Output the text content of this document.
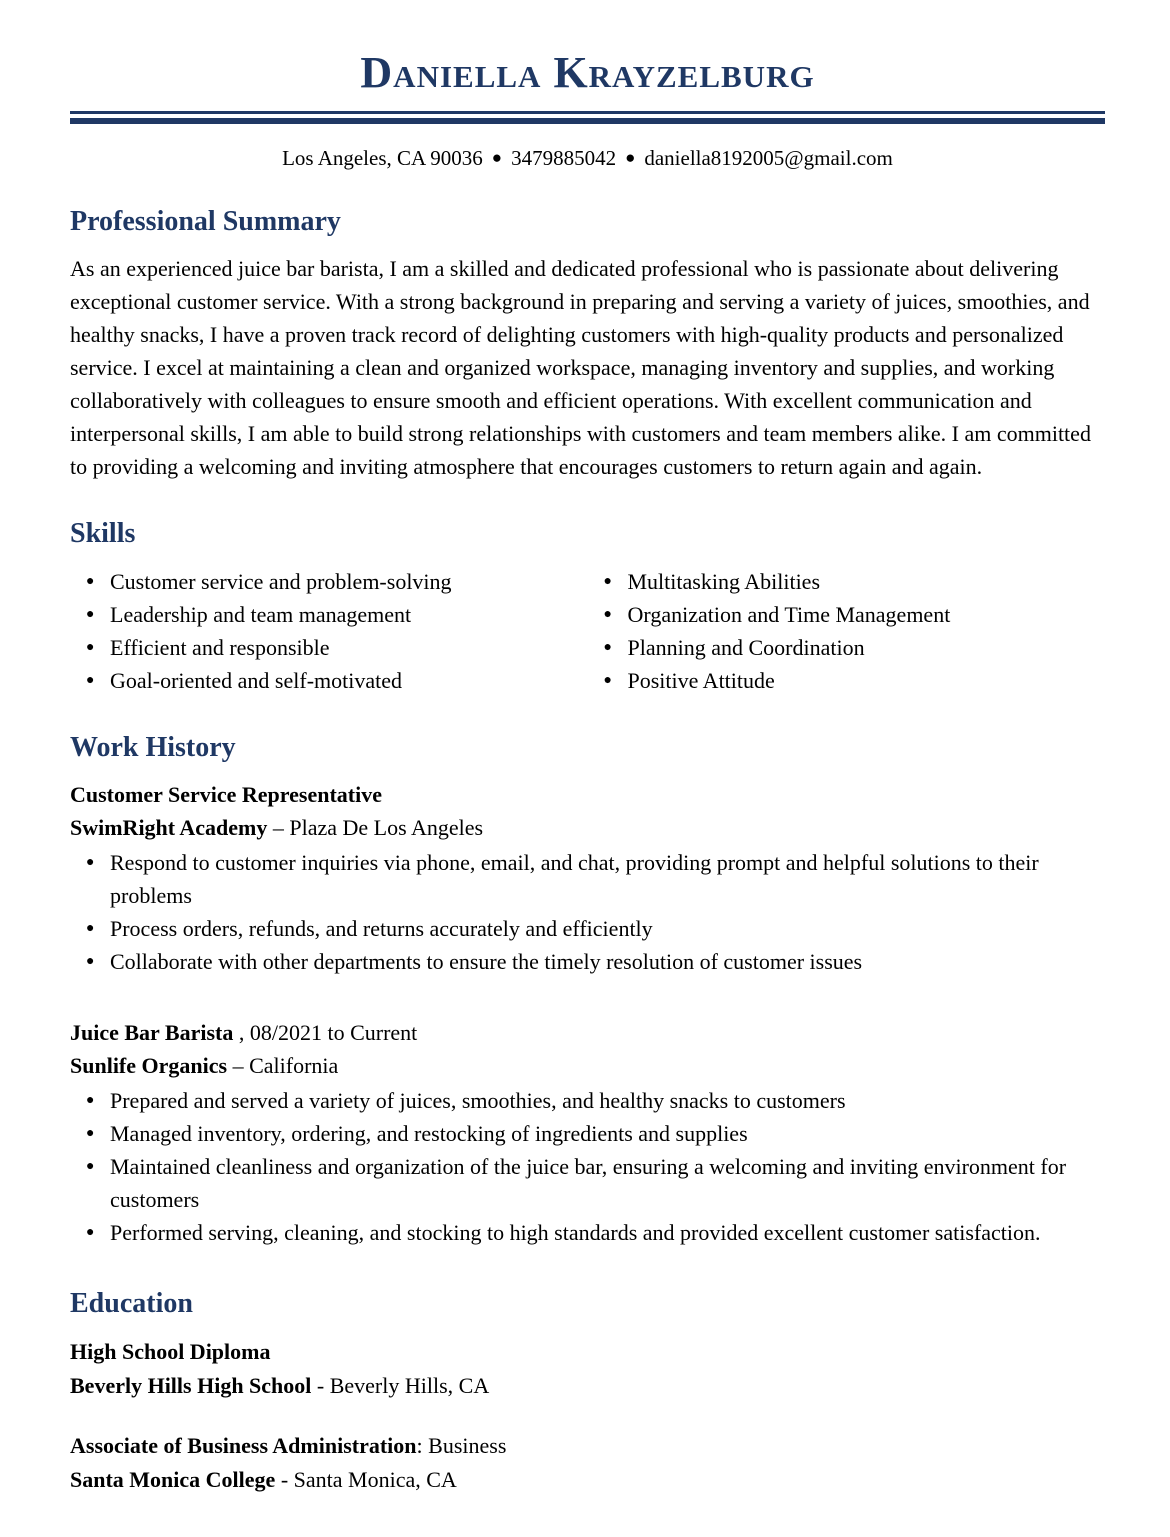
Daniella Krayzelburg
Los Angeles, CA 90036 ● 3479885042 ● daniella8192005@gmail.com
Professional Summary

As an experienced juice bar barista, I am a skilled and dedicated professional who is passionate about delivering exceptional customer service. With a strong background in preparing and serving a variety of juices, smoothies, and healthy snacks, I have a proven track record of delighting customers with high-quality products and personalized service. I excel at maintaining a clean and organized workspace, managing inventory and supplies, and working collaboratively with colleagues to ensure smooth and efficient operations. With excellent communication and interpersonal skills, I am able to build strong relationships with customers and team members alike. I am committed to providing a welcoming and inviting atmosphere that encourages customers to return again and again.

Skills
● Customer service and problem-solving
● Leadership and team management
● Efficient and responsible
● Goal-oriented and self-motivated
● Multitasking Abilities
● Organization and Time Management
● Planning and Coordination
● Positive Attitude
Work History
Customer Service Representative
SwimRight Academy – Plaza De Los Angeles
● Respond to customer inquiries via phone, email, and chat, providing prompt and helpful solutions to their problems
● Process orders, refunds, and returns accurately and efficiently
● Collaborate with other departments to ensure the timely resolution of customer issues
Juice Bar Barista , 08/2021 to Current
Sunlife Organics – California
● Prepared and served a variety of juices, smoothies, and healthy snacks to customers
● Managed inventory, ordering, and restocking of ingredients and supplies
● Maintained cleanliness and organization of the juice bar, ensuring a welcoming and inviting environment for customers
● Performed serving, cleaning, and stocking to high standards and provided excellent customer satisfaction.
Education
High School Diploma
Beverly Hills High School - Beverly Hills, CA
Associate of Business Administration: Business
Santa Monica College - Santa Monica, CA
